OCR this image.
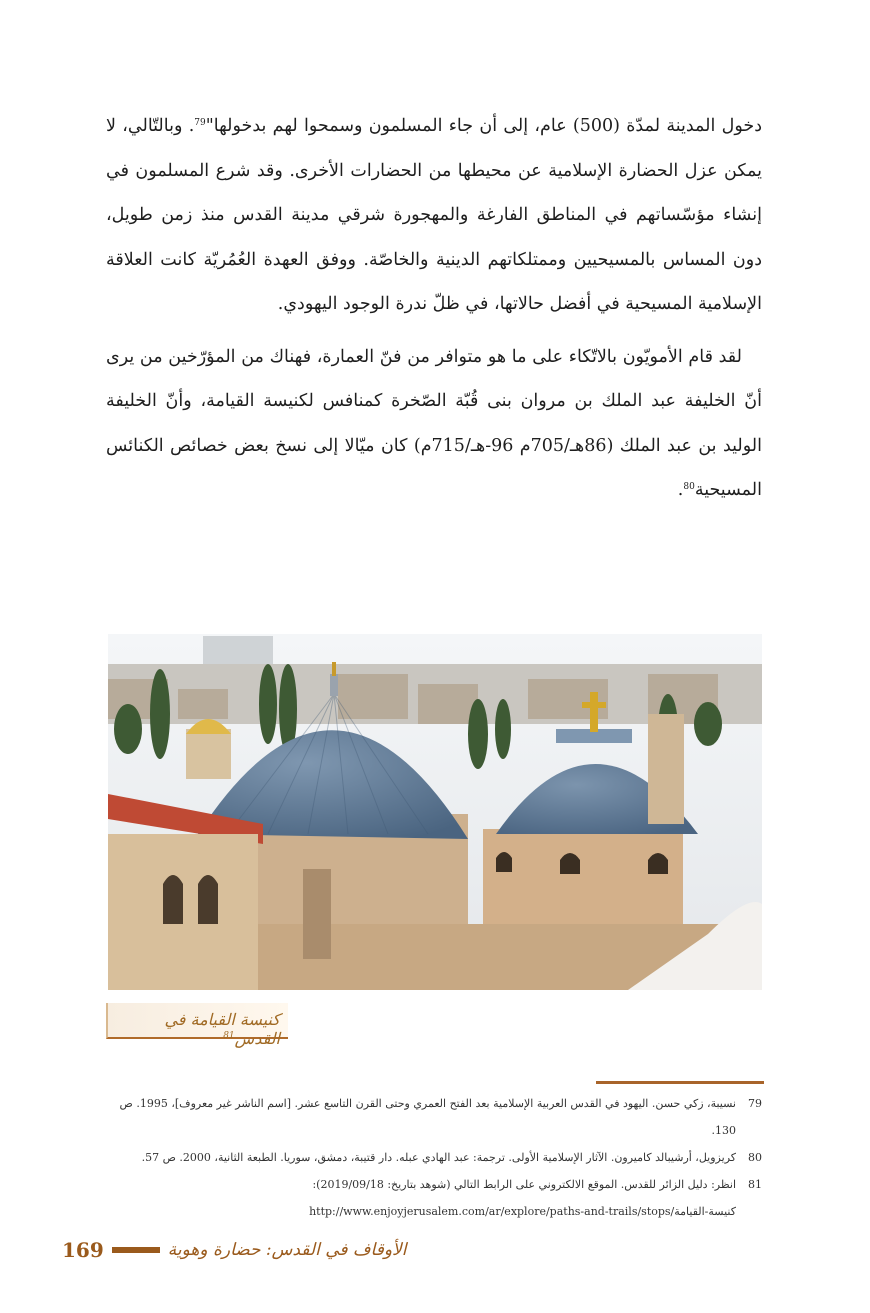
دخول المدينة لمدّة (500) عام، إلى أن جاء المسلمون وسمحوا لهم بدخولها"$^{79}$. وبالتّالي، لا يمكن عزل الحضارة الإسلامية عن محيطها من الحضارات الأخرى. وقد شرع المسلمون في إنشاء مؤسّساتهم في المناطق الفارغة والمهجورة شرقي مدينة القدس منذ زمن طويل، دون المساس بالمسيحيين وممتلكاتهم الدينية والخاصّة. ووفق العهدة العُمُريّة كانت العلاقة الإسلامية المسيحية في أفضل حالاتها، في ظلّ ندرة الوجود اليهودي.

لقد قام الأمويّون بالاتّكاء على ما هو متوافر من فنّ العمارة، فهناك من المؤرّخين من يرى أنّ الخليفة عبد الملك بن مروان بنى قُبّة الصّخرة كمنافس لكنيسة القيامة، وأنّ الخليفة الوليد بن عبد الملك (86هـ/705م 96-هـ/715م) كان ميّالا إلى نسخ بعض خصائص الكنائس المسيحية$^{80}$.

كنيسة القيامة في القدس$^{81}$
79
نسيبة، زكي حسن. اليهود في القدس العربية الإسلامية بعد الفتح العمري وحتى القرن التاسع عشر. [اسم الناشر غير معروف]، 1995. ص 130.
80
كريزويل، أرشيبالد كاميرون. الآثار الإسلامية الأولى. ترجمة: عبد الهادي عبله. دار قتيبة، دمشق، سوريا. الطبعة الثانية، 2000. ص 57.
81
انظر: دليل الزائر للقدس. الموقع الالكتروني على الرابط التالي (شوهد بتاريخ: 2019/09/18):
http://www.enjoyjerusalem.com/ar/explore/paths-and-trails/stops/كنيسة-القيامة
169	الأوقاف في القدس: حضارة وهوية
